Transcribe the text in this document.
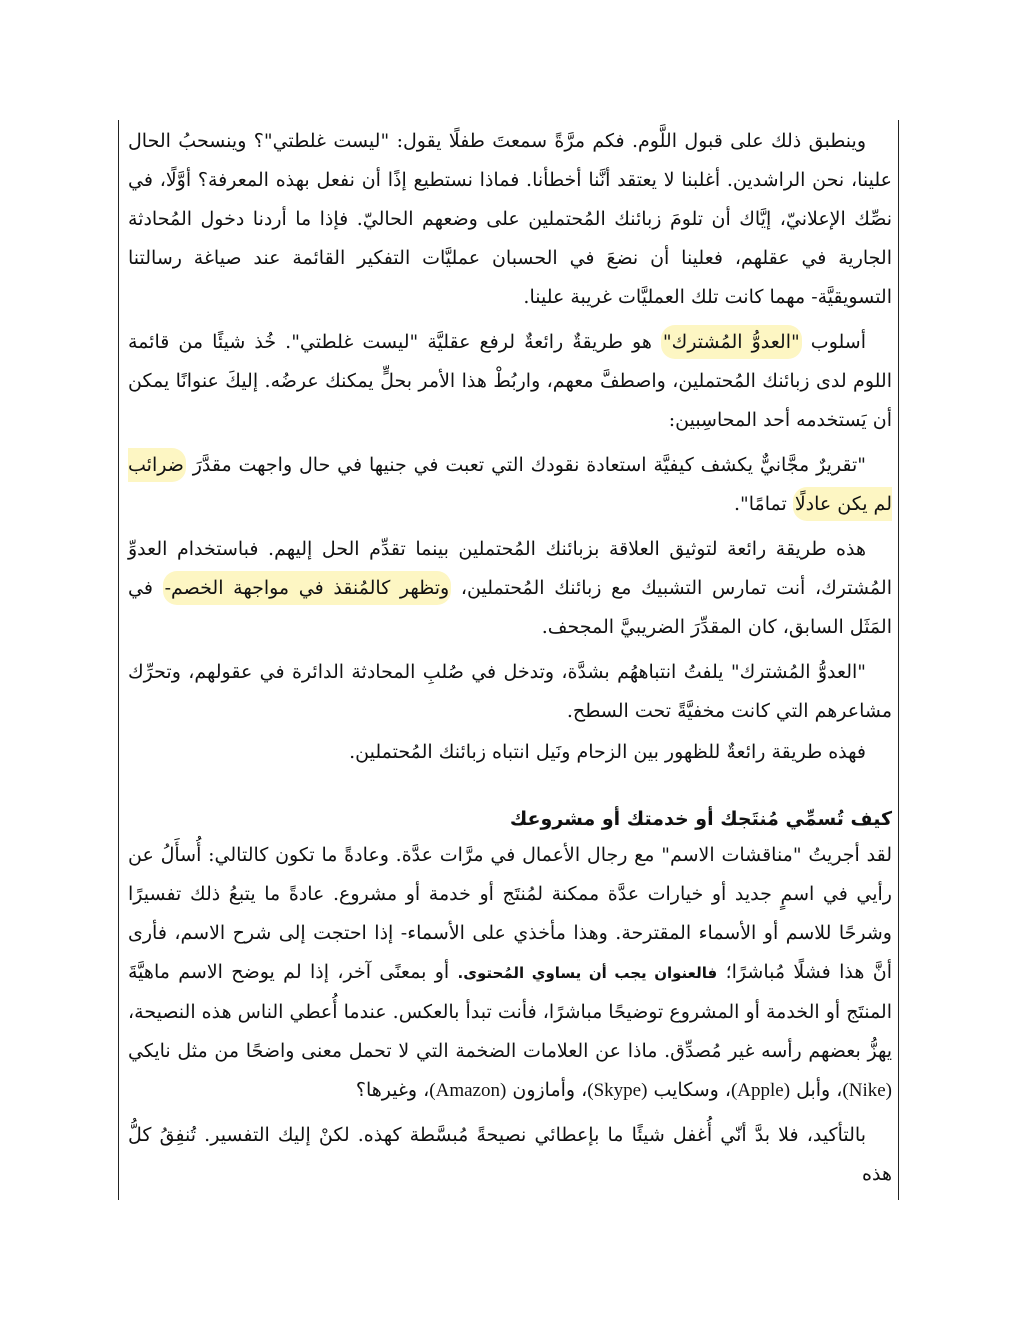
وينطبق ذلك على قبول اللَّوم. فكم مرَّةً سمعتَ طفلًا يقول: "ليست غلطتي"؟ وينسحبُ الحال علينا، نحن الراشدين. أغلبنا لا يعتقد أنَّنا أخطأنا. فماذا نستطيع إذًا أن نفعل بهذه المعرفة؟ أوَّلًا، في نصِّك الإعلانيّ، إيَّاك أن تلومَ زبائنك المُحتملين على وضعهم الحاليّ. فإذا ما أردنا دخول المُحادثة الجارية في عقلهم، فعلينا أن نضعَ في الحسبان عمليَّات التفكير القائمة عند صياغة رسالتنا التسويقيَّة- مهما كانت تلك العمليَّات غريبة علينا.

أسلوب "العدوُّ المُشترك" هو طريقةٌ رائعةٌ لرفع عقليَّة "ليست غلطتي". خُذ شيئًا من قائمة اللوم لدى زبائنك المُحتملين، واصطفَّ معهم، واربُطْ هذا الأمر بحلٍّ يمكنك عرضُه. إليكَ عنوانًا يمكن أن يَستخدمه أحد المحاسِبين:

"تقريرٌ مجَّانيٌّ يكشف كيفيَّة استعادة نقودك التي تعبت في جنيها في حال واجهت مقدَّرَ ضرائب لم يكن عادلًا تمامًا".

هذه طريقة رائعة لتوثيق العلاقة بزبائنك المُحتملين بينما تقدِّم الحل إليهم. فباستخدام العدوِّ المُشترك، أنت تمارس التشبيك مع زبائنك المُحتملين، وتظهر كالمُنقذ في مواجهة الخصم- في المَثَل السابق، كان المقدِّرَ الضريبيَّ المجحف.

"العدوُّ المُشترك" يلفتُ انتباههُم بشدَّة، وتدخل في صُلبِ المحادثة الدائرة في عقولهم، وتحرِّك مشاعرهم التي كانت مخفيَّةً تحت السطح.

فهذه طريقة رائعةٌ للظهور بين الزحام ونَيل انتباه زبائنك المُحتملين.

كيف تُسمِّي مُنتَجك أو خدمتك أو مشروعك

لقد أجريتُ "مناقشات الاسم" مع رجال الأعمال في مرَّات عدَّة. وعادةً ما تكون كالتالي: أُسأَلُ عن رأيي في اسمٍ جديد أو خيارات عدَّة ممكنة لمُنتَج أو خدمة أو مشروع. عادةً ما يتبعُ ذلك تفسيرًا وشرحًا للاسم أو الأسماء المقترحة. وهذا مأخذي على الأسماء- إذا احتجت إلى شرح الاسم، فأرى أنَّ هذا فشلًا مُباشرًا؛ فالعنوان يجب أن يساوي المُحتوى. أو بمعنًى آخر، إذا لم يوضح الاسم ماهيَّةَ المنتَج أو الخدمة أو المشروع توضيحًا مباشرًا، فأنت تبدأ بالعكس. عندما أُعطي الناس هذه النصيحة، يهزُّ بعضهم رأسه غير مُصدِّق. ماذا عن العلامات الضخمة التي لا تحمل معنى واضحًا من مثل نايكي (Nike)، وأبل (Apple)، وسكايب (Skype)، وأمازون (Amazon)، وغيرها؟

بالتأكيد، فلا بدَّ أنّي أُغفل شيئًا ما بإعطائي نصيحةً مُبسَّطة كهذه. لكنْ إليك التفسير. تُنفِقُ كلُّ هذه
